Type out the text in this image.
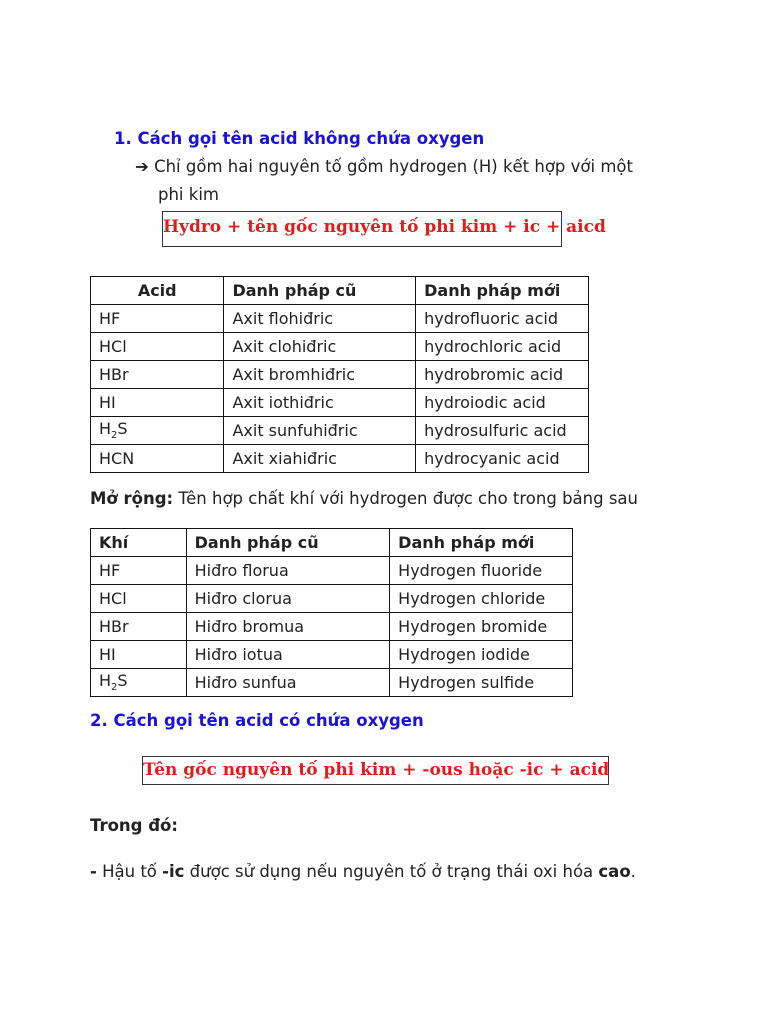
1. Cách gọi tên acid không chứa oxygen
➔ Chỉ gồm hai nguyên tố gồm hydrogen (H) kết hợp với một
phi kim
Hydro + tên gốc nguyên tố phi kim + ic + aicd
Acid	Danh pháp cũ	Danh pháp mới
HF	Axit flohiđric	hydrofluoric acid
HCl	Axit clohiđric	hydrochloric acid
HBr	Axit bromhiđric	hydrobromic acid
HI	Axit iothiđric	hydroiodic acid
$H_2S$	Axit sunfuhiđric	hydrosulfuric acid
HCN	Axit xiahiđric	hydrocyanic acid
Mở rộng: Tên hợp chất khí với hydrogen được cho trong bảng sau
Khí	Danh pháp cũ	Danh pháp mới
HF	Hiđro florua	Hydrogen fluoride
HCl	Hiđro clorua	Hydrogen chloride
HBr	Hiđro bromua	Hydrogen bromide
HI	Hiđro iotua	Hydrogen iodide
$H_2S$	Hiđro sunfua	Hydrogen sulfide
2. Cách gọi tên acid có chứa oxygen
Tên gốc nguyên tố phi kim + -ous hoặc -ic + acid
Trong đó:
- Hậu tố -ic được sử dụng nếu nguyên tố ở trạng thái oxi hóa cao.
